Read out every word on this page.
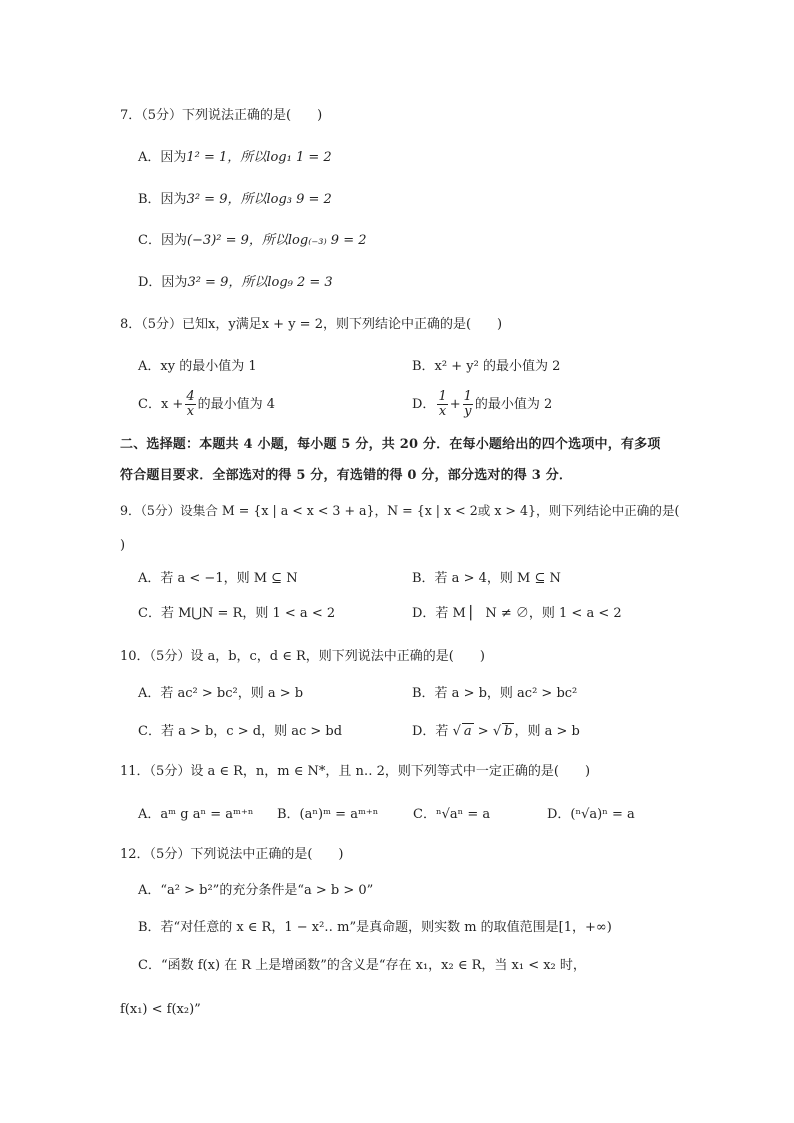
7．（5分）下列说法正确的是(　　)
A．因为1² = 1，所以log₁ 1 = 2
B．因为3² = 9，所以log₃ 9 = 2
C．因为(−3)² = 9，所以log₍₋₃₎ 9 = 2
D．因为3² = 9，所以log₉ 2 = 3
8．（5分）已知x，y满足x + y = 2，则下列结论中正确的是(　　)
A．xy 的最小值为 1	B．x² + y² 的最小值为 2
C．$x + \frac{4}{x}$ 的最小值为 4	D． $\frac{1}{x} + \frac{1}{y}$ 的最小值为 2
二、选择题：本题共 4 小题，每小题 5 分，共 20 分．在每小题给出的四个选项中，有多项
符合题目要求．全部选对的得 5 分，有选错的得 0 分，部分选对的得 3 分．
9．（5分）设集合 M = {x | a < x < 3 + a}，N = {x | x < 2或 x > 4}，则下列结论中正确的是(
)
A．若 a < −1，则 M ⊆ N	B．若 a > 4，则 M ⊆ N
C．若 M⋃N = R，则 1 < a < 2	D．若 M⎥　N ≠ ∅，则 1 < a < 2
10．（5分）设 a，b，c，d ∈ R，则下列说法中正确的是(　　)
A．若 ac² > bc²，则 a > b	B．若 a > b，则 ac² > bc²
C．若 a > b，c > d，则 ac > bd	D．若 √ a > √ b ，则 a > b
11．（5分）设 a ∈ R，n，m ∈ N*，且 n‥ 2，则下列等式中一定正确的是(　　)
A．aᵐ g aⁿ = aᵐ⁺ⁿ B．(aⁿ)ᵐ = aᵐ⁺ⁿ	C．ⁿ√aⁿ = a	D．(ⁿ√a)ⁿ = a
12．（5分）下列说法中正确的是(　　)
A．“a² > b²”的充分条件是“a > b > 0”
B．若“对任意的 x ∈ R，1 − x²‥ m”是真命题，则实数 m 的取值范围是[1，+∞)
C．“函数 f(x) 在 R 上是增函数”的含义是“存在 x₁，x₂ ∈ R，当 x₁ < x₂ 时，
f(x₁) < f(x₂)”
